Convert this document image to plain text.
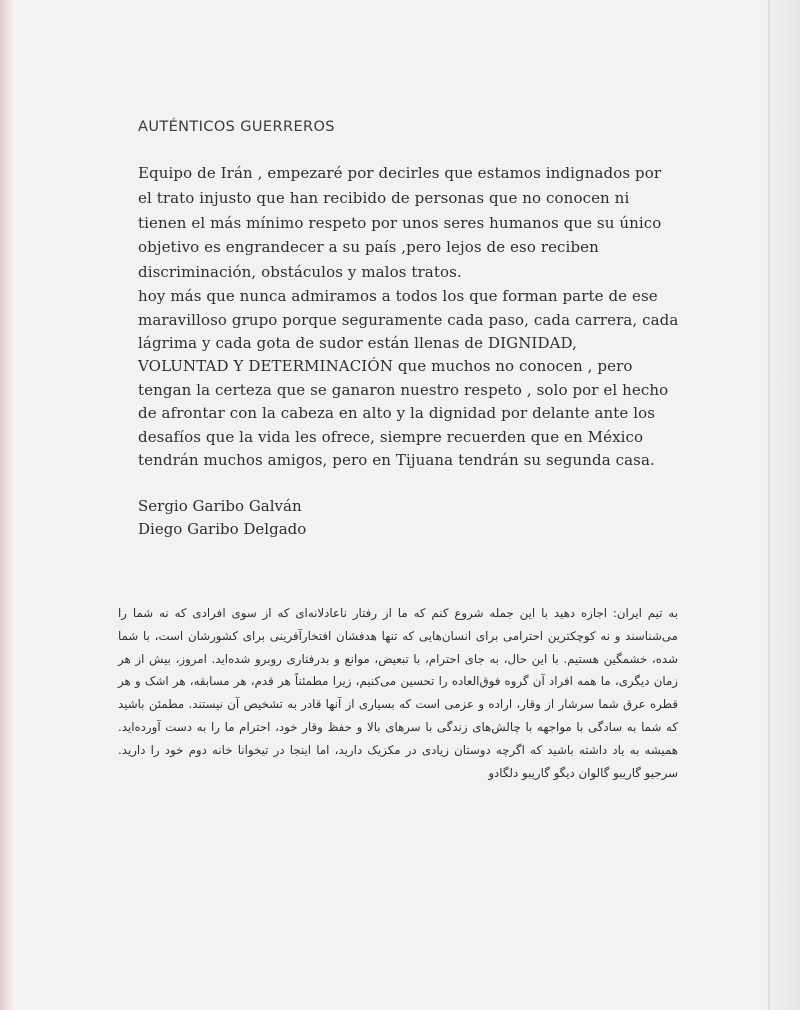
AUTÉNTICOS GUERREROS
Equipo de Irán , empezaré por decirles que estamos indignados por
el trato injusto que han recibido de personas que no conocen ni
tienen el más mínimo respeto por unos seres humanos que su único
objetivo es engrandecer a su país ,pero lejos de eso reciben
discriminación, obstáculos y malos tratos.
hoy más que nunca admiramos a todos los que forman parte de ese
maravilloso grupo porque seguramente cada paso, cada carrera, cada
lágrima y cada gota de sudor están llenas de DIGNIDAD,
VOLUNTAD Y DETERMINACIÓN que muchos no conocen , pero
tengan la certeza que se ganaron nuestro respeto , solo por el hecho
de afrontar con la cabeza en alto y la dignidad por delante ante los
desafíos que la vida les ofrece, siempre recuerden que en México
tendrán muchos amigos, pero en Tijuana tendrán su segunda casa.
Sergio Garibo Galván
Diego Garibo Delgado
به تیم ایران: اجازه دهید با این جمله شروع کنم که ما از رفتار ناعادلانه‌ای که از سوی افرادی که نه شما را می‌شناسند و نه کوچکترین احترامی برای انسان‌هایی که تنها هدفشان افتخارآفرینی برای کشورشان است، با شما شده، خشمگین هستیم. با این حال، به جای احترام، با تبعیض، موانع و بدرفتاری روبرو شده‌اید. امروز، بیش از هر زمان دیگری، ما همه افراد آن گروه فوق‌العاده را تحسین می‌کنیم، زیرا مطمئناً هر قدم، هر مسابقه، هر اشک و هر قطره عرق شما سرشار از وقار، اراده و عزمی است که بسیاری از آنها قادر به تشخیص آن نیستند. مطمئن باشید که شما به سادگی با مواجهه با چالش‌های زندگی با سرهای بالا و حفظ وقار خود، احترام ما را به دست آورده‌اید. همیشه به یاد داشته باشید که اگرچه دوستان زیادی در مکزیک دارید، اما اینجا در تیخوانا خانه دوم خود را دارید. سرجیو گاریبو گالوان دیگو گاریبو دلگادو
